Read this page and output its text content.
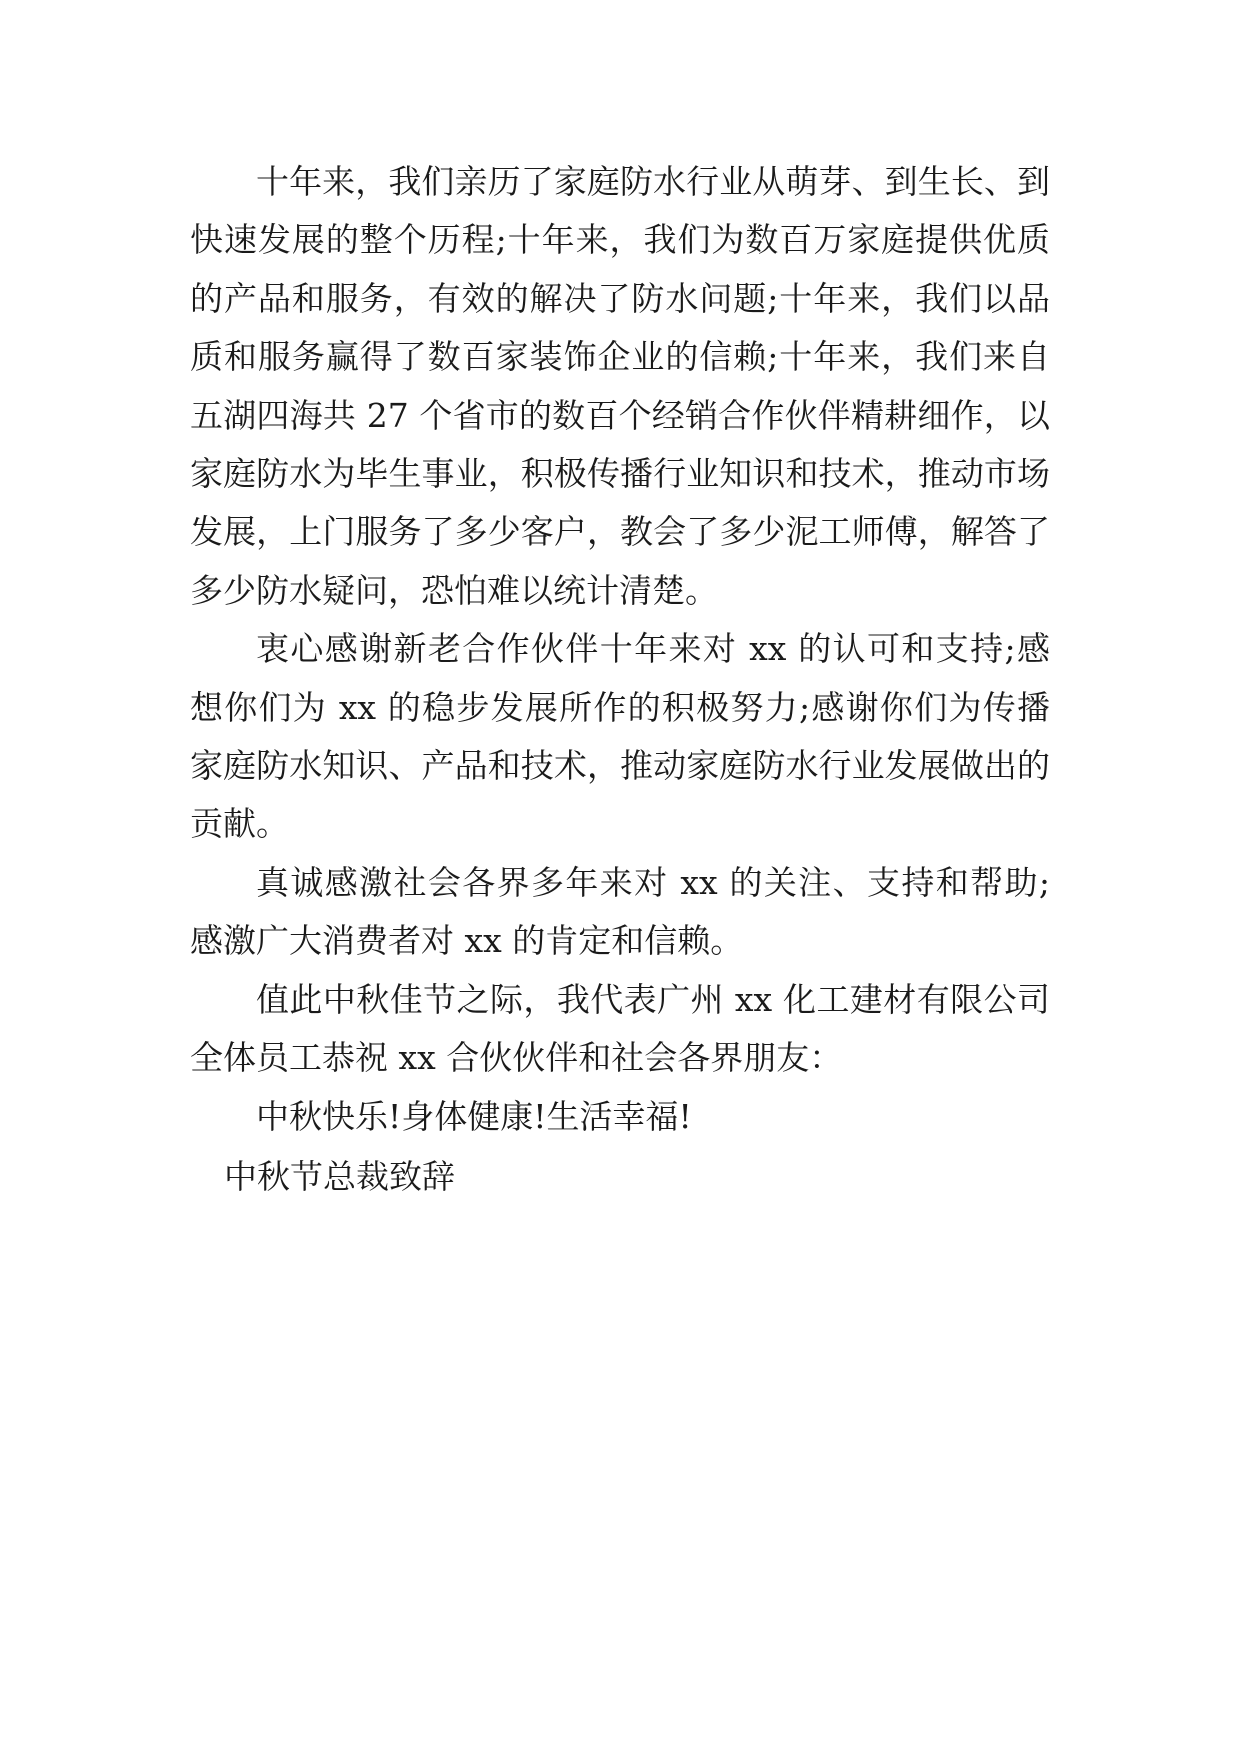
十年来，我们亲历了家庭防水行业从萌芽、到生长、到快速发展的整个历程;十年来，我们为数百万家庭提供优质的产品和服务，有效的解决了防水问题;十年来，我们以品质和服务赢得了数百家装饰企业的信赖;十年来，我们来自五湖四海共 27 个省市的数百个经销合作伙伴精耕细作，以家庭防水为毕生事业，积极传播行业知识和技术，推动市场发展，上门服务了多少客户，教会了多少泥工师傅，解答了多少防水疑问，恐怕难以统计清楚。

衷心感谢新老合作伙伴十年来对 xx 的认可和支持;感想你们为 xx 的稳步发展所作的积极努力;感谢你们为传播家庭防水知识、产品和技术，推动家庭防水行业发展做出的贡献。

真诚感激社会各界多年来对 xx 的关注、支持和帮助;感激广大消费者对 xx 的肯定和信赖。

值此中秋佳节之际，我代表广州 xx 化工建材有限公司全体员工恭祝 xx 合伙伙伴和社会各界朋友：

中秋快乐!身体健康!生活幸福!

中秋节总裁致辞
